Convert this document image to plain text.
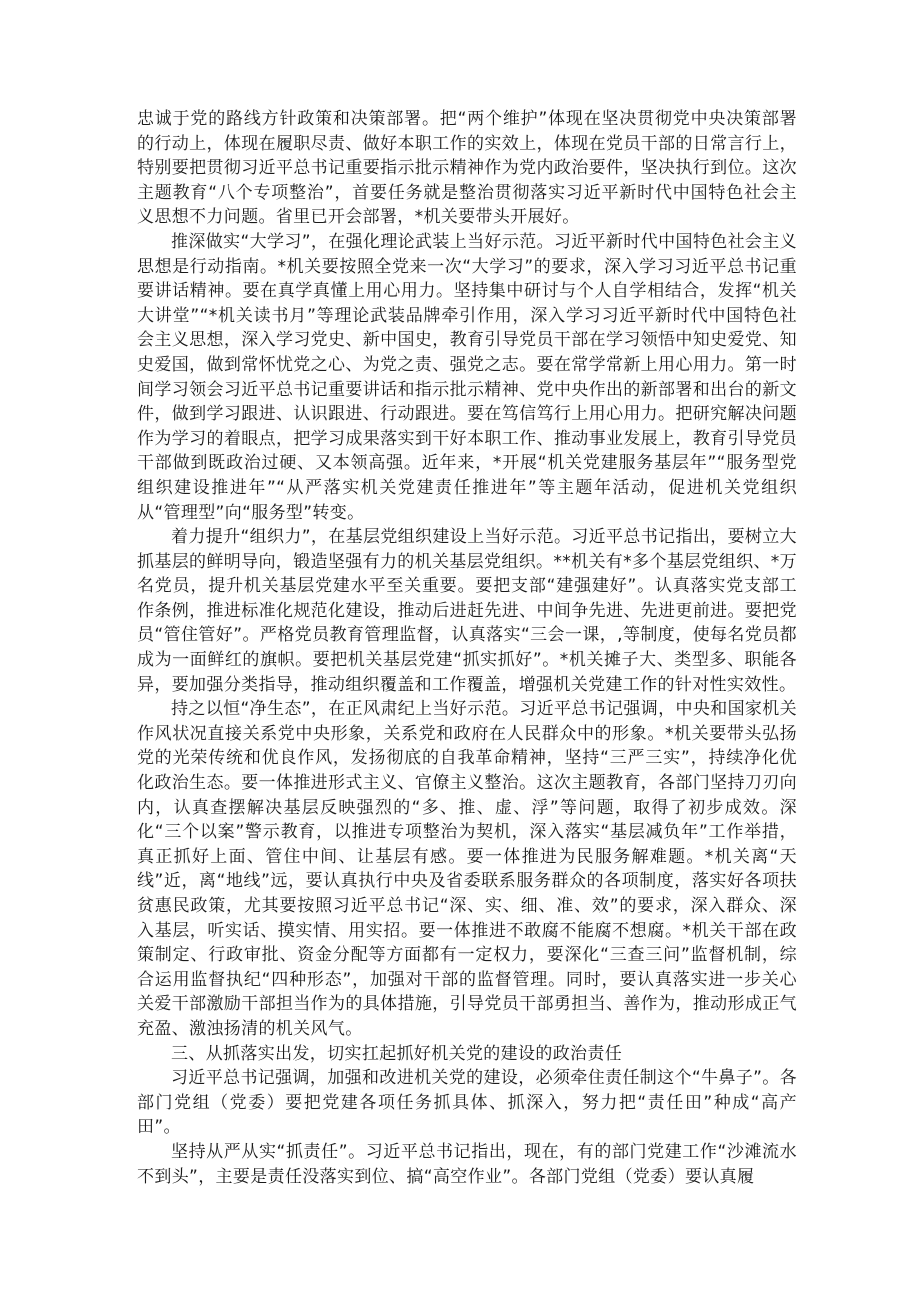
忠诚于党的路线方针政策和决策部署。把“两个维护”体现在坚决贯彻党中央决策部署的行动上，体现在履职尽责、做好本职工作的实效上，体现在党员干部的日常言行上，特别要把贯彻习近平总书记重要指示批示精神作为党内政治要件，坚决执行到位。这次主题教育“八个专项整治”，首要任务就是整治贯彻落实习近平新时代中国特色社会主义思想不力问题。省里已开会部署，*机关要带头开展好。

推深做实“大学习”，在强化理论武装上当好示范。习近平新时代中国特色社会主义思想是行动指南。*机关要按照全党来一次“大学习”的要求，深入学习习近平总书记重要讲话精神。要在真学真懂上用心用力。坚持集中研讨与个人自学相结合，发挥“机关大讲堂”“*机关读书月”等理论武装品牌牵引作用，深入学习习近平新时代中国特色社会主义思想，深入学习党史、新中国史，教育引导党员干部在学习领悟中知史爱党、知史爱国，做到常怀忧党之心、为党之责、强党之志。要在常学常新上用心用力。第一时间学习领会习近平总书记重要讲话和指示批示精神、党中央作出的新部署和出台的新文件，做到学习跟进、认识跟进、行动跟进。要在笃信笃行上用心用力。把研究解决问题作为学习的着眼点，把学习成果落实到干好本职工作、推动事业发展上，教育引导党员干部做到既政治过硬、又本领高强。近年来，*开展“机关党建服务基层年”“服务型党组织建设推进年”“从严落实机关党建责任推进年”等主题年活动，促进机关党组织从“管理型”向“服务型”转变。

着力提升“组织力”，在基层党组织建设上当好示范。习近平总书记指出，要树立大抓基层的鲜明导向，锻造坚强有力的机关基层党组织。**机关有*多个基层党组织、*万名党员，提升机关基层党建水平至关重要。要把支部“建强建好”。认真落实党支部工作条例，推进标准化规范化建设，推动后进赶先进、中间争先进、先进更前进。要把党员“管住管好”。严格党员教育管理监督，认真落实“三会一课，,等制度，使每名党员都成为一面鲜红的旗帜。要把机关基层党建“抓实抓好”。*机关摊子大、类型多、职能各异，要加强分类指导，推动组织覆盖和工作覆盖，增强机关党建工作的针对性实效性。

持之以恒“净生态”，在正风肃纪上当好示范。习近平总书记强调，中央和国家机关作风状况直接关系党中央形象，关系党和政府在人民群众中的形象。*机关要带头弘扬党的光荣传统和优良作风，发扬彻底的自我革命精神，坚持“三严三实”，持续净化优化政治生态。要一体推进形式主义、官僚主义整治。这次主题教育，各部门坚持刀刃向内，认真查摆解决基层反映强烈的“多、推、虚、浮”等问题，取得了初步成效。深化“三个以案”警示教育，以推进专项整治为契机，深入落实“基层减负年”工作举措，真正抓好上面、管住中间、让基层有感。要一体推进为民服务解难题。*机关离“天线”近，离“地线”远，要认真执行中央及省委联系服务群众的各项制度，落实好各项扶贫惠民政策，尤其要按照习近平总书记“深、实、细、准、效”的要求，深入群众、深入基层，听实话、摸实情、用实招。要一体推进不敢腐不能腐不想腐。*机关干部在政策制定、行政审批、资金分配等方面都有一定权力，要深化“三查三问”监督机制，综合运用监督执纪“四种形态”，加强对干部的监督管理。同时，要认真落实进一步关心关爱干部激励干部担当作为的具体措施，引导党员干部勇担当、善作为，推动形成正气充盈、激浊扬清的机关风气。

三、从抓落实出发，切实扛起抓好机关党的建设的政治责任

习近平总书记强调，加强和改进机关党的建设，必须牵住责任制这个“牛鼻子”。各部门党组（党委）要把党建各项任务抓具体、抓深入，努力把“责任田”种成“高产田”。

坚持从严从实“抓责任”。习近平总书记指出，现在，有的部门党建工作“沙滩流水不到头”，主要是责任没落实到位、搞“高空作业”。各部门党组（党委）要认真履
